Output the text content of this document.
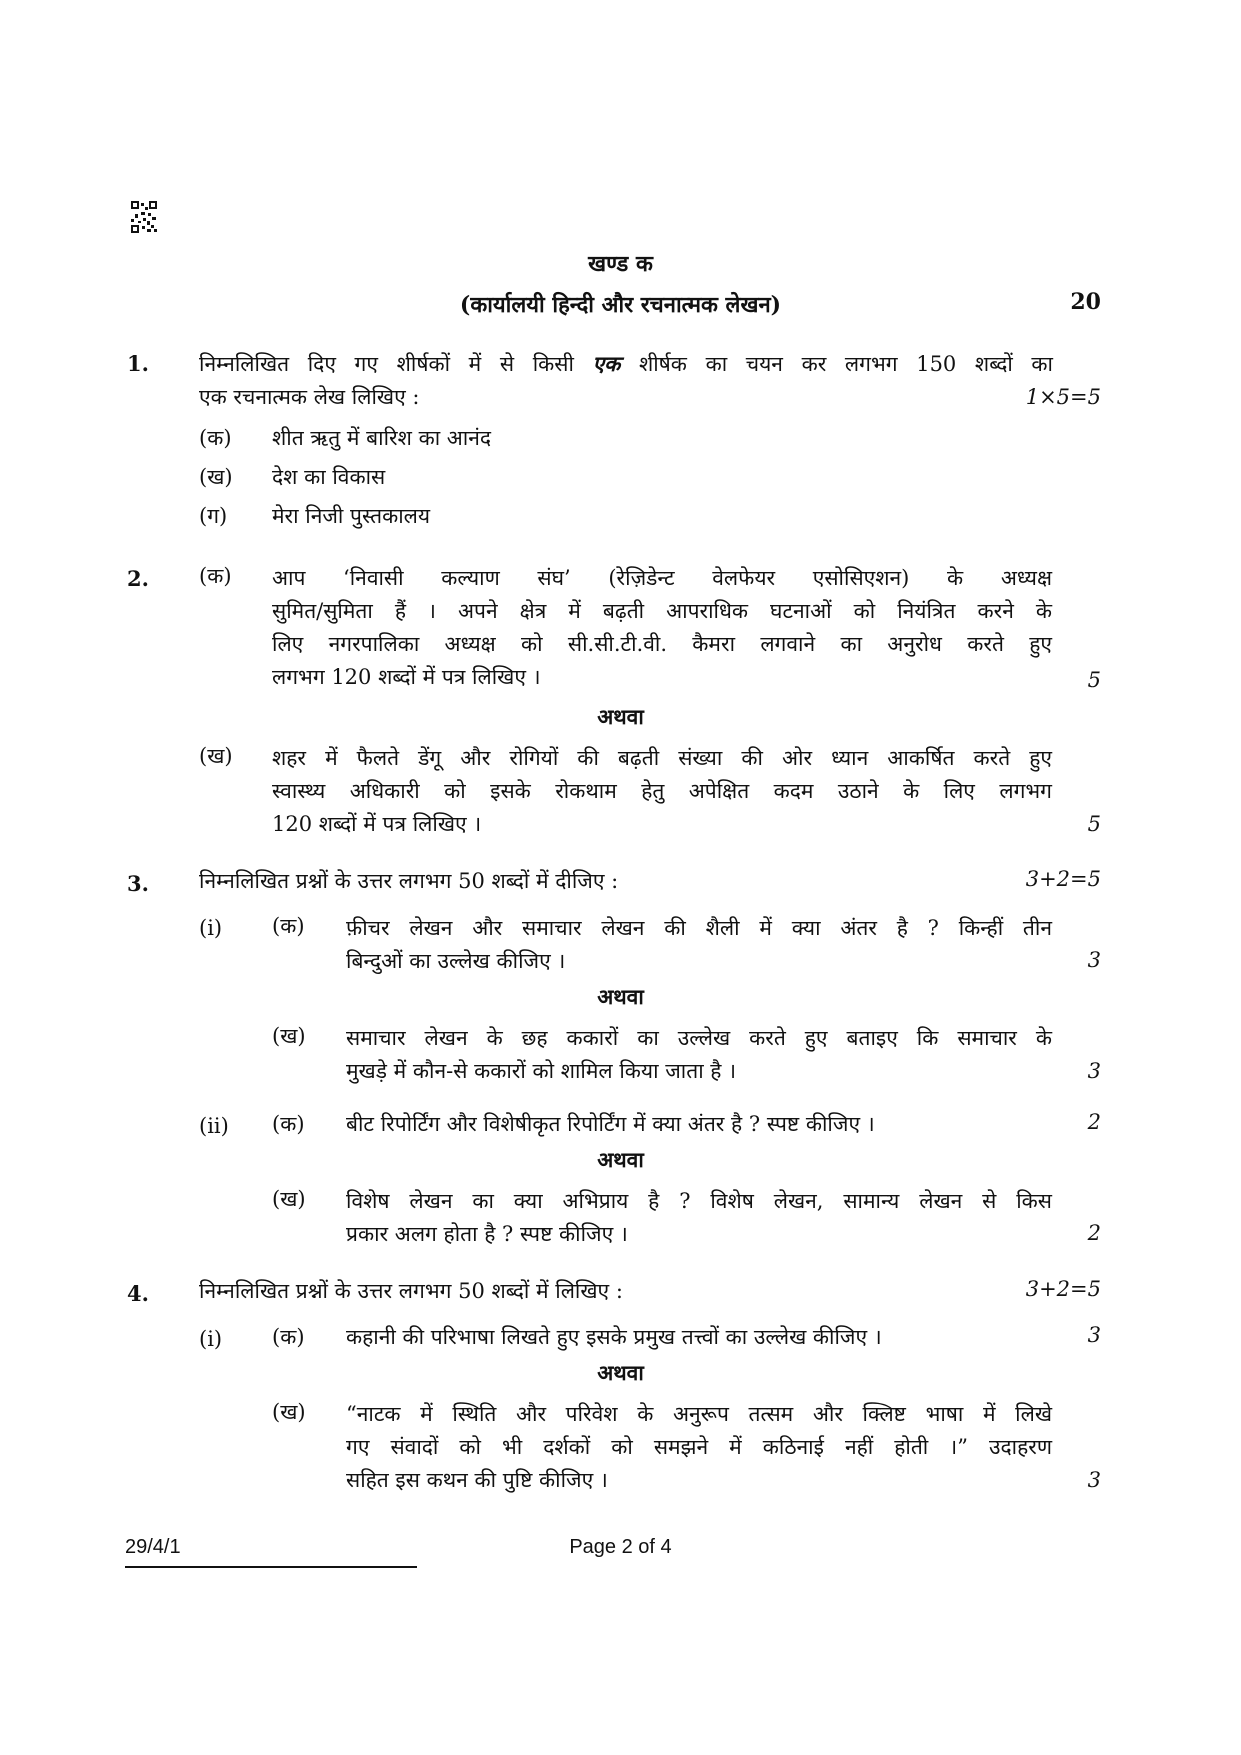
खण्ड क
(कार्यालयी हिन्दी और रचनात्मक लेखन)	20
1. निम्नलिखित दिए गए शीर्षकों में से किसी एक शीर्षक का चयन कर लगभग 150 शब्दों का
एक रचनात्मक लेख लिखिए :	1×5=5
(क) शीत ऋतु में बारिश का आनंद
(ख) देश का विकास
(ग) मेरा निजी पुस्तकालय
2. (क) आप ‘निवासी कल्याण संघ’ (रेज़िडेन्ट वेलफेयर एसोसिएशन) के अध्यक्ष
सुमित/सुमिता हैं । अपने क्षेत्र में बढ़ती आपराधिक घटनाओं को नियंत्रित करने के
लिए नगरपालिका अध्यक्ष को सी.सी.टी.वी. कैमरा लगवाने का अनुरोध करते हुए
लगभग 120 शब्दों में पत्र लिखिए ।	5
अथवा
(ख) शहर में फैलते डेंगू और रोगियों की बढ़ती संख्या की ओर ध्यान आकर्षित करते हुए
स्वास्थ्य अधिकारी को इसके रोकथाम हेतु अपेक्षित कदम उठाने के लिए लगभग
120 शब्दों में पत्र लिखिए ।	5
3. निम्नलिखित प्रश्नों के उत्तर लगभग 50 शब्दों में दीजिए :	3+2=5
(i) (क) फ़ीचर लेखन और समाचार लेखन की शैली में क्या अंतर है ? किन्हीं तीन
बिन्दुओं का उल्लेख कीजिए ।	3
अथवा
(ख) समाचार लेखन के छह ककारों का उल्लेख करते हुए बताइए कि समाचार के
मुखड़े में कौन-से ककारों को शामिल किया जाता है ।	3
(ii) (क) बीट रिपोर्टिंग और विशेषीकृत रिपोर्टिंग में क्या अंतर है ? स्पष्ट कीजिए ।	2
अथवा
(ख) विशेष लेखन का क्या अभिप्राय है ? विशेष लेखन, सामान्य लेखन से किस
प्रकार अलग होता है ? स्पष्ट कीजिए ।	2
4. निम्नलिखित प्रश्नों के उत्तर लगभग 50 शब्दों में लिखिए :	3+2=5
(i) (क) कहानी की परिभाषा लिखते हुए इसके प्रमुख तत्त्वों का उल्लेख कीजिए ।	3
अथवा
(ख) “नाटक में स्थिति और परिवेश के अनुरूप तत्सम और क्लिष्ट भाषा में लिखे
गए संवादों को भी दर्शकों को समझने में कठिनाई नहीं होती ।” उदाहरण
सहित इस कथन की पुष्टि कीजिए ।	3
29/4/1	Page 2 of 4
